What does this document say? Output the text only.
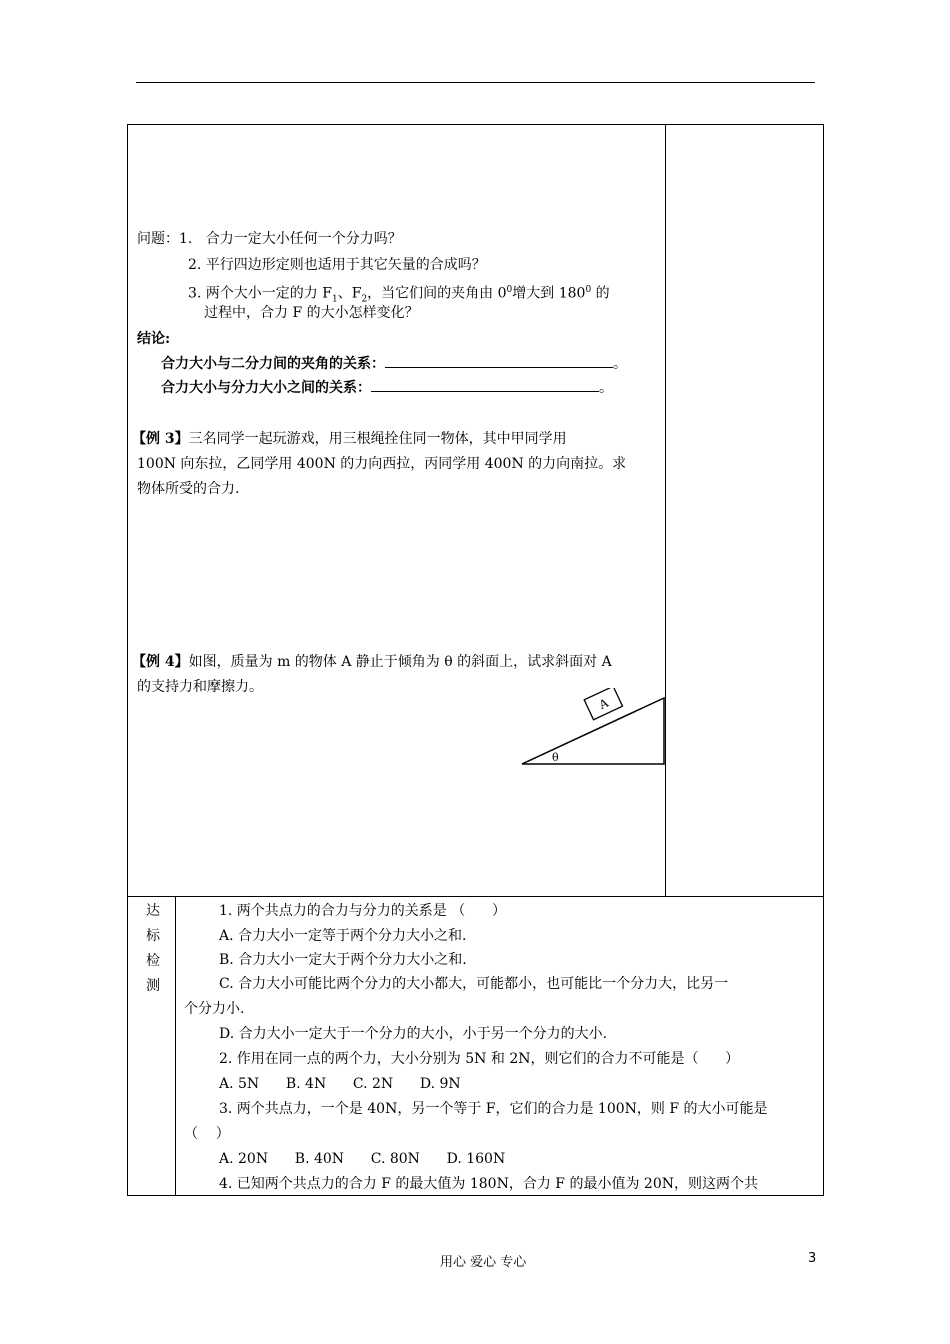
问题：1.   合力一定大小任何一个分力吗？
2. 平行四边形定则也适用于其它矢量的合成吗？
3. 两个大小一定的力 $F_1$、$F_2$，当它们间的夹角由 $0^0$增大到 $180^0$ 的
过程中，合力 F 的大小怎样变化？
结论:
合力大小与二分力间的夹角的关系：	。
合力大小与分力大小之间的关系：	。
【例 3】三名同学一起玩游戏，用三根绳拴住同一物体，其中甲同学用
100N 向东拉，乙同学用 400N 的力向西拉，丙同学用 400N 的力向南拉。求
物体所受的合力.
【例 4】如图，质量为 m 的物体 A 静止于倾角为 θ 的斜面上，试求斜面对 A
的支持力和摩擦力。
A
θ
达
标
检
测
1. 两个共点力的合力与分力的关系是 （      ）
A. 合力大小一定等于两个分力大小之和.
B. 合力大小一定大于两个分力大小之和.
C. 合力大小可能比两个分力的大小都大，可能都小，也可能比一个分力大，比另一
个分力小.
D. 合力大小一定大于一个分力的大小，小于另一个分力的大小.
2. 作用在同一点的两个力，大小分别为 5N 和 2N，则它们的合力不可能是（      ）
A. 5N      B. 4N      C. 2N      D. 9N
3. 两个共点力，一个是 40N，另一个等于 F，它们的合力是 100N，则 F 的大小可能是
（    ）
A. 20N      B. 40N      C. 80N      D. 160N
4. 已知两个共点力的合力 F 的最大值为 180N，合力 F 的最小值为 20N，则这两个共
用心 爱心 专心	3
